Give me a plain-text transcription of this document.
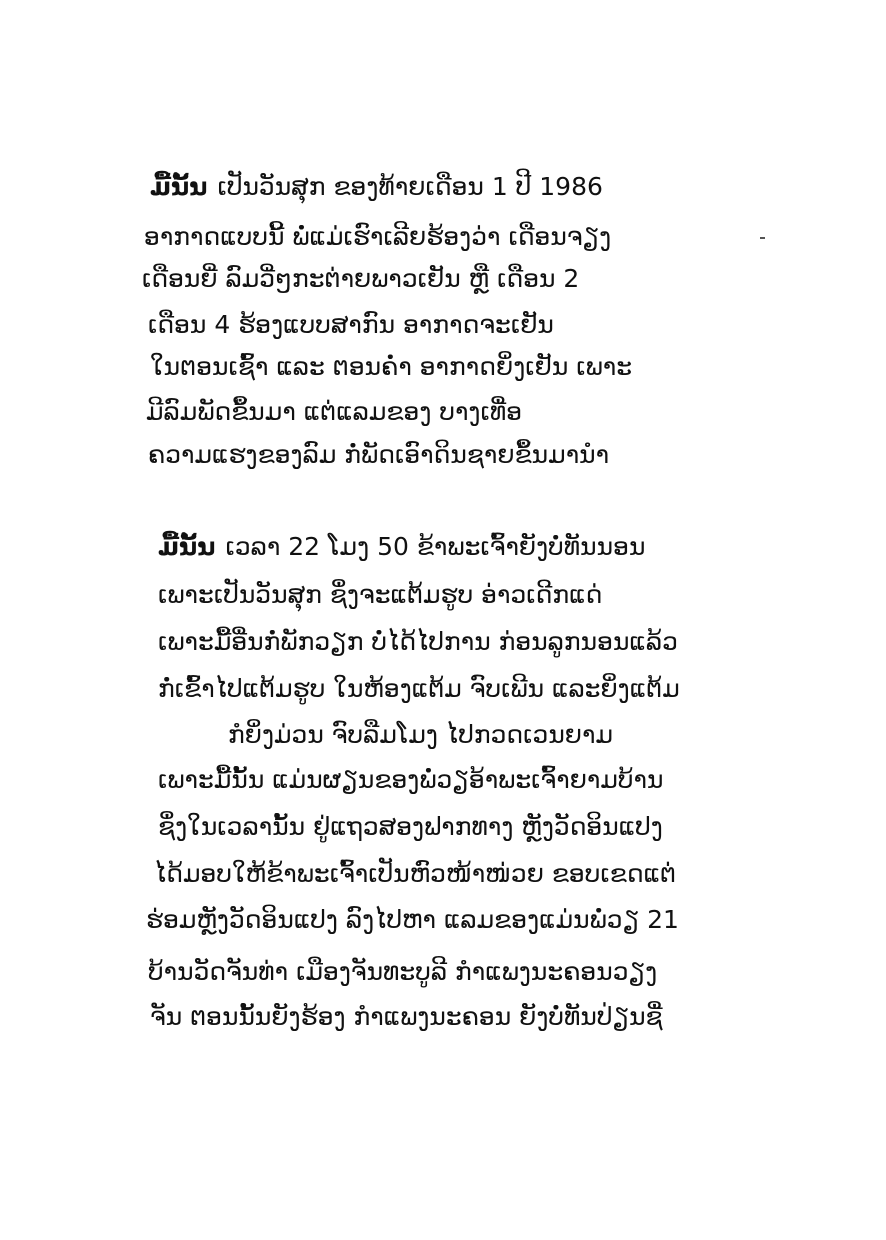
ມື້ນັ້ນ ເປັນວັນສຸກ ຂອງທ້າຍເດືອນ 1 ປີ 1986
ອາກາດແບບນີ້ ພໍ່ແມ່ເຮົາເລີຍຮ້ອງວ່າ ເດືອນຈຽງ
ເດືອນຍີ່ ລົມວີ່ໆກະຕ່າຍພາວເຢັນ ຫຼື ເດືອນ 2
ເດືອນ 4 ຮ້ອງແບບສາກົນ ອາກາດຈະເຢັນ
ໃນຕອນເຊົ້າ ແລະ ຕອນຄ່ຳ ອາກາດຍິ່ງເຢັນ ເພາະ
ມີລົມພັດຂຶ້ນມາ ແຕ່ແລມຂອງ ບາງເທື່ອ
ຄວາມແຮງຂອງລົມ ກໍ່ພັດເອົາດິນຊາຍຂຶ້ນມານຳ
ມື້ນັ້ນ ເວລາ 22 ໂມງ 50 ຂ້າພະເຈົ້າຍັງບໍ່ທັນນອນ
ເພາະເປັນວັນສຸກ ຊຶ່ງຈະແຕ້ມຮູບ ອ່າວເດີກແດ່
ເພາະມື້ອື່ນກໍ່ພັກວຽກ ບໍ່ໄດ້ໄປການ ກ່ອນລູກນອນແລ້ວ
ກໍ່ເຂົ້າໄປແຕ້ມຮູບ ໃນຫ້ອງແຕ້ມ ຈົບເພີນ ແລະຍິ່ງແຕ້ມ
ກໍຍິ່ງມ່ວນ ຈົບລືມໂມງ ໄປກວດເວນຍາມ
ເພາະມື້ນັ້ນ ແມ່ນຜຽນຂອງພໍ່ວຽອ້າພະເຈົ້າຍາມບ້ານ
ຊຶ່ງໃນເວລານັ້ນ ຢູ່ແຖວສອງຟາກທາງ ຫຼັງວັດອິນແປງ
ໄດ້ມອບໃຫ້ຂ້າພະເຈົ້າເປັນຫົວໜ້າໜ່ວຍ ຂອບເຂດແຕ່
ຮ່ອມຫຼັງວັດອິນແປງ ລົງໄປຫາ ແລມຂອງແມ່ນພໍ່ວຽ 21
ບ້ານວັດຈັນທ່າ ເມືອງຈັນທະບູລີ ກຳແພງນະຄອນວຽງ
ຈັນ ຕອນນັ້ນຍັງຮ້ອງ ກຳແພງນະຄອນ ຍັງບໍ່ທັນປ່ຽນຊື່
